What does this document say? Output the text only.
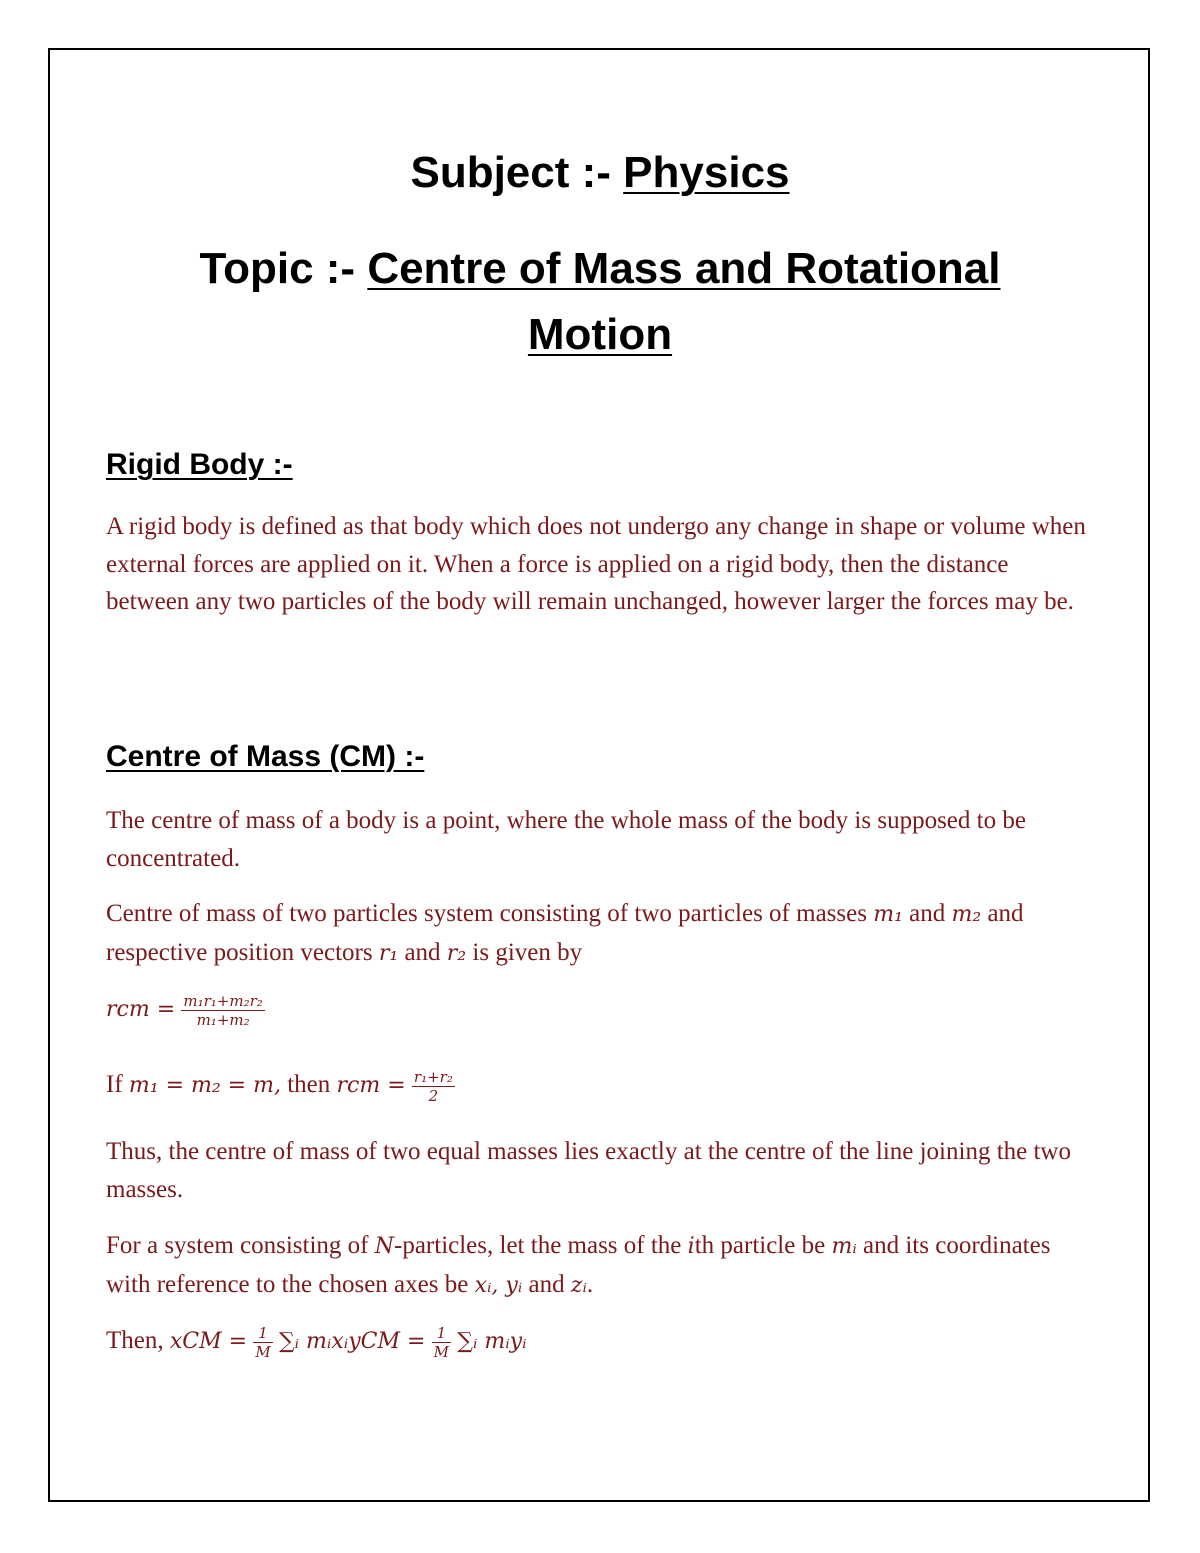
Subject :- Physics
Topic :- Centre of Mass and Rotational
Motion
Rigid Body :-

A rigid body is defined as that body which does not undergo any change in shape or volume when external forces are applied on it. When a force is applied on a rigid body, then the distance between any two particles of the body will remain unchanged, however larger the forces may be.

Centre of Mass (CM) :-

The centre of mass of a body is a point, where the whole mass of the body is supposed to be concentrated.

Centre of mass of two particles system consisting of two particles of masses m₁ and m₂ and respective position vectors r₁ and r₂ is given by

rcm = $\frac{\text{m₁r₁+m₂r₂}}{\text{m₁+m₂}}$

If m₁ = m₂ = m, then rcm = $\frac{\text{r₁+r₂}}{2}$

Thus, the centre of mass of two equal masses lies exactly at the centre of the line joining the two masses.

For a system consisting of N-particles, let the mass of the ith particle be mᵢ and its coordinates with reference to the chosen axes be xᵢ, yᵢ and zᵢ.

Then, xCM = $\frac{1}{M}$ ∑ᵢ mᵢxᵢyCM = $\frac{1}{M}$ ∑ᵢ mᵢyᵢ
